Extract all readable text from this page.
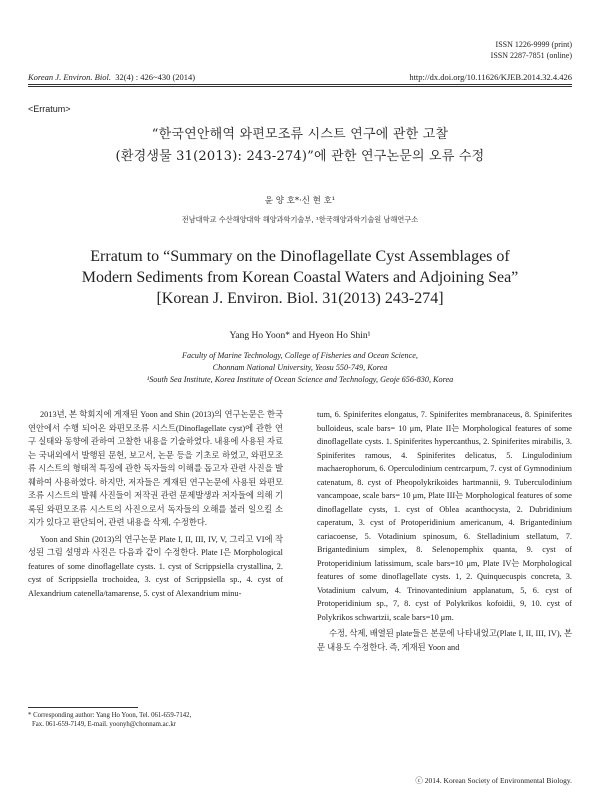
ISSN 1226-9999 (print)
ISSN 2287-7851 (online)
Korean J. Environ. Biol. 32(4) : 426~430 (2014)	http://dx.doi.org/10.11626/KJEB.2014.32.4.426
<Erratum>
“한국연안해역 와편모조류 시스트 연구에 관한 고찰
(환경생물 31(2013): 243-274)”에 관한 연구논문의 오류 수정
윤 양 호*·신 현 호¹
전남대학교 수산해양대학 해양과학기술부, ¹한국해양과학기술원 남해연구소
Erratum to “Summary on the Dinoflagellate Cyst Assemblages of
Modern Sediments from Korean Coastal Waters and Adjoining Sea”
[Korean J. Environ. Biol. 31(2013) 243-274]
Yang Ho Yoon* and Hyeon Ho Shin¹
Faculty of Marine Technology, College of Fisheries and Ocean Science,
Chonnam National University, Yeosu 550-749, Korea
¹South Sea Institute, Korea Institute of Ocean Science and Technology, Geoje 656-830, Korea

2013년, 본 학회지에 게재된 Yoon and Shin (2013)의 연구논문은 한국연안에서 수행 되어온 와편모조류 시스트(Dinoflagellate cyst)에 관한 연구 실태와 동향에 관하여 고찰한 내용을 기술하였다. 내용에 사용된 자료는 국내외에서 발행된 문헌, 보고서, 논문 등을 기초로 하였고, 와편모조류 시스트의 형태적 특징에 관한 독자들의 이해를 돕고자 관련 사진을 발췌하여 사용하였다. 하지만, 저자들은 게재된 연구논문에 사용된 와편모조류 시스트의 발췌 사진들이 저작권 관련 문제발생과 저자들에 의해 기록된 와편모조류 시스트의 사진으로서 독자들의 오해를 불러 일으킬 소지가 있다고 판단되어, 관련 내용을 삭제, 수정한다.

Yoon and Shin (2013)의 연구논문 Plate I, II, III, IV, V, 그리고 VI에 작성된 그림 설명과 사진은 다음과 같이 수정한다. Plate I은 Morphological features of some dinoflagellate cysts. 1. cyst of Scrippsiella crystallina, 2. cyst of Scrippsiella trochoidea, 3. cyst of Scrippsiella sp., 4. cyst of Alexandrium catenella/tamarense, 5. cyst of Alexandrium minu-

tum, 6. Spiniferites elongatus, 7. Spiniferites membranaceus, 8. Spiniferites bulloideus, scale bars= 10 μm, Plate II는 Morphological features of some dinoflagellate cysts. 1. Spiniferites hypercanthus, 2. Spiniferites mirabilis, 3. Spiniferites ramous, 4. Spiniferites delicatus, 5. Lingulodinium machaerophorum, 6. Operculodinium centrcarpum, 7. cyst of Gymnodinium catenatum, 8. cyst of Pheopolykrikoides hartmannii, 9. Tuberculodinium vancampoae, scale bars= 10 μm, Plate III는 Morphological features of some dinoflagellate cysts, 1. cyst of Oblea acanthocysta, 2. Dubridinium caperatum, 3. cyst of Protoperidinium americanum, 4. Brigantedinium cariacoense, 5. Votadinium spinosum, 6. Stelladinium stellatum, 7. Brigantedinium simplex, 8. Selenopemphix quanta, 9. cyst of Protoperidinium latissimum, scale bars=10 μm, Plate IV는 Morphological features of some dinoflagellate cysts. 1, 2. Quinquecuspis concreta, 3. Votadinium calvum, 4. Trinovantedinium applanatum, 5, 6. cyst of Protoperidinium sp., 7, 8. cyst of Polykrikos kofoidii, 9, 10. cyst of Polykrikos schwartzii, scale bars=10 μm.

수정, 삭제, 배열된 plate들은 본문에 나타내었고(Plate I, II, III, IV), 본문 내용도 수정한다. 즉, 게재된 Yoon and

* Corresponding author: Yang Ho Yoon, Tel. 061-659-7142,
Fax. 061-659-7149, E-mail. yoonyh@chonnam.ac.kr
ⓒ 2014. Korean Society of Environmental Biology.
